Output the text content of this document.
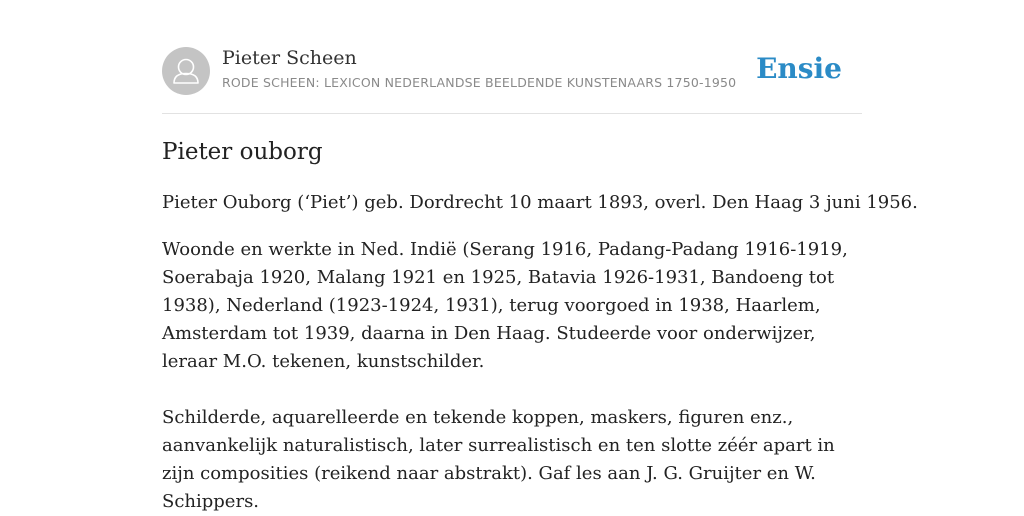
Pieter Scheen
RODE SCHEEN: LEXICON NEDERLANDSE BEELDENDE KUNSTENAARS 1750-1950 Ensie
Pieter ouborg

Pieter Ouborg (‘Piet’) geb. Dordrecht 10 maart 1893, overl. Den Haag 3 juni 1956.

Woonde en werkte in Ned. Indië (Serang 1916, Padang-Padang 1916-1919, Soerabaja 1920, Malang 1921 en 1925, Batavia 1926-1931, Bandoeng tot 1938), Nederland (1923-1924, 1931), terug voorgoed in 1938, Haarlem, Amsterdam tot 1939, daarna in Den Haag. Studeerde voor onderwijzer, leraar M.O. tekenen, kunstschilder.

Schilderde, aquarelleerde en tekende koppen, maskers, figuren enz., aanvankelijk naturalistisch, later surrealistisch en ten slotte zéér apart in zijn composities (reikend naar abstrakt). Gaf les aan J. G. Gruijter en W. Schippers.
